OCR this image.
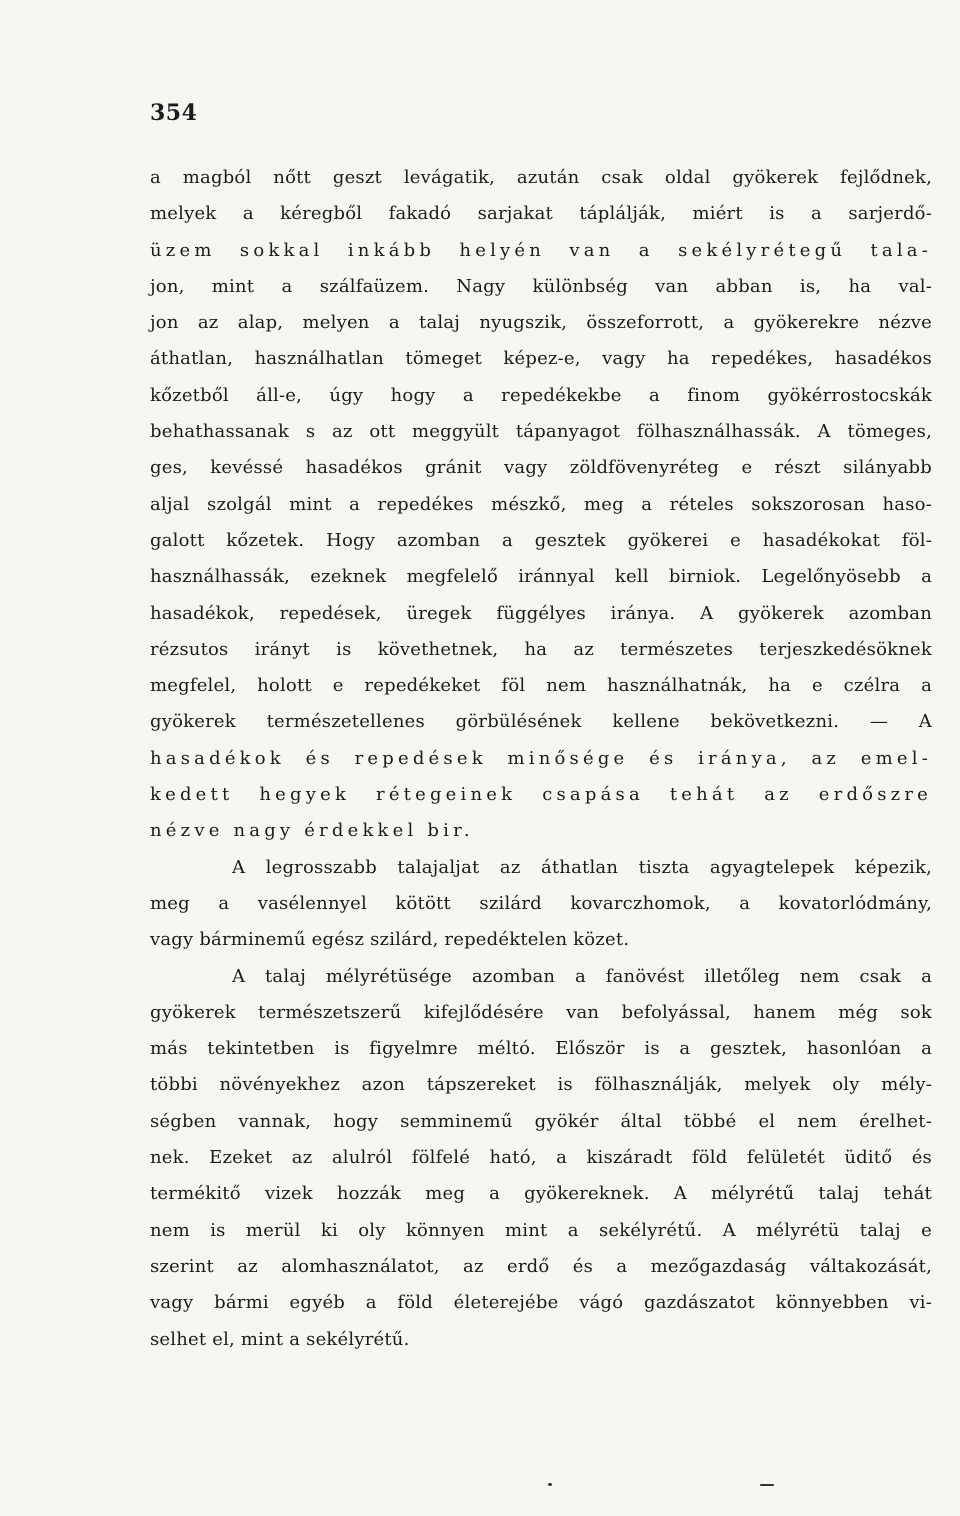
354
a magból nőtt geszt levágatik, azután csak oldal gyökerek fejlődnek,
melyek a kéregből fakadó sarjakat táplálják, miért is a sarjerdő-
üzem sokkal inkább helyén van a sekélyrétegű tala-
jon, mint a szálfaüzem. Nagy különbség van abban is, ha val-
jon az alap, melyen a talaj nyugszik, összeforrott, a gyökerekre nézve
áthatlan, használhatlan tömeget képez-e, vagy ha repedékes, hasadékos
kőzetből áll-e, úgy hogy a repedékekbe a finom gyökérrostocskák
behathassanak s az ott meggyült tápanyagot fölhasználhassák. A tömeges,
ges, kevéssé hasadékos gránit vagy zöldfövenyréteg e részt silányabb
aljal szolgál mint a repedékes mészkő, meg a rételes sokszorosan haso-
galott kőzetek. Hogy azomban a gesztek gyökerei e hasadékokat föl-
használhassák, ezeknek megfelelő iránnyal kell birniok. Legelőnyösebb a
hasadékok, repedések, üregek függélyes iránya. A gyökerek azomban
rézsutos irányt is követhetnek, ha az természetes terjeszkedésöknek
megfelel, holott e repedékeket föl nem használhatnák, ha e czélra a
gyökerek természetellenes görbülésének kellene bekövetkezni. — A
hasadékok és repedések minősége és iránya, az emel-
kedett hegyek rétegeinek csapása tehát az erdőszre
nézve nagy érdekkel bir.
A legrosszabb talajaljat az áthatlan tiszta agyagtelepek képezik,
meg a vasélennyel kötött szilárd kovarczhomok, a kovatorlódmány,
vagy bárminemű egész szilárd, repedéktelen közet.
A talaj mélyrétüsége azomban a fanövést illetőleg nem csak a
gyökerek természetszerű kifejlődésére van befolyással, hanem még sok
más tekintetben is figyelmre méltó. Először is a gesztek, hasonlóan a
többi növényekhez azon tápszereket is fölhasználják, melyek oly mély-
ségben vannak, hogy semminemű gyökér által többé el nem érelhet-
nek. Ezeket az alulról fölfelé ható, a kiszáradt föld felületét üditő és
termékitő vizek hozzák meg a gyökereknek. A mélyrétű talaj tehát
nem is merül ki oly könnyen mint a sekélyrétű. A mélyrétü talaj e
szerint az alomhasználatot, az erdő és a mezőgazdaság váltakozását,
vagy bármi egyéb a föld életerejébe vágó gazdászatot könnyebben vi-
selhet el, mint a sekélyrétű.
